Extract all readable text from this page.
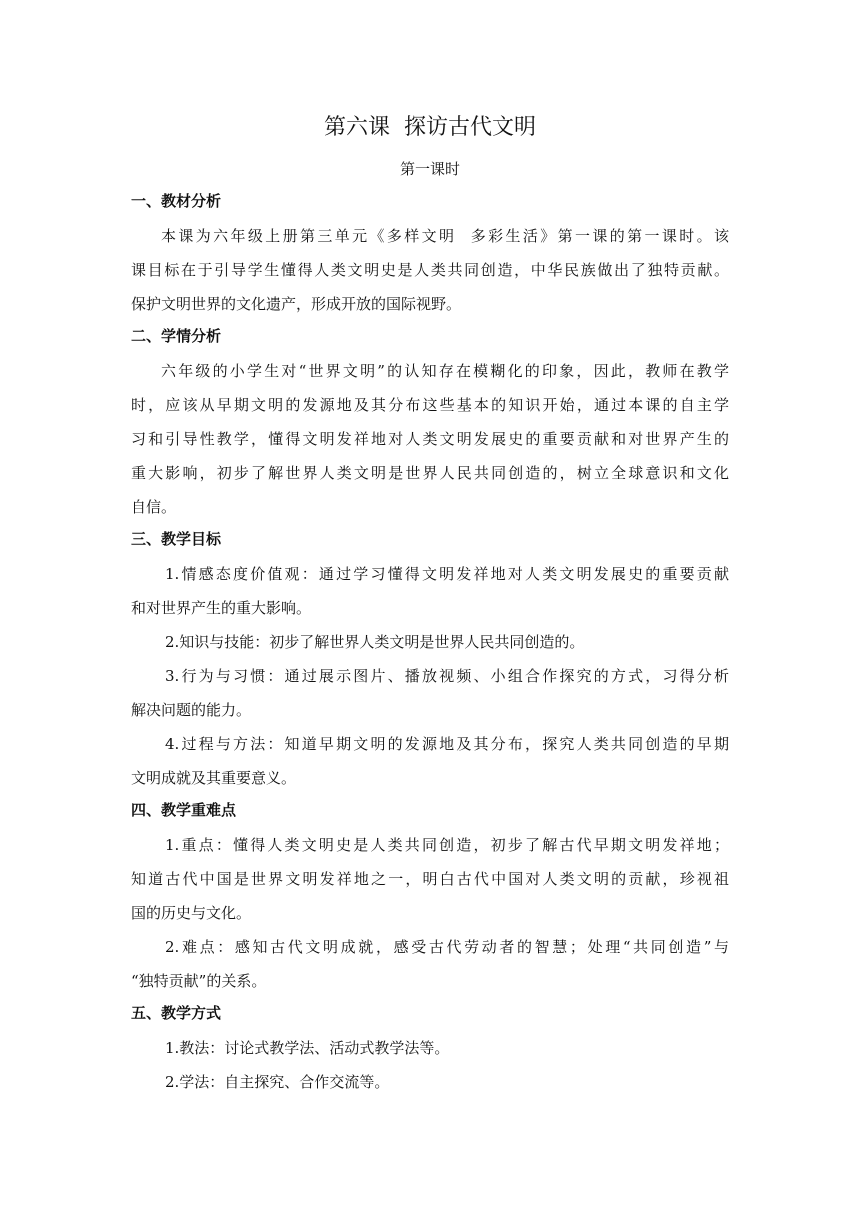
第六课  探访古代文明
第一课时
一、教材分析
本课为六年级上册第三单元《多样文明  多彩生活》第一课的第一课时。该
课目标在于引导学生懂得人类文明史是人类共同创造，中华民族做出了独特贡献。
保护文明世界的文化遗产，形成开放的国际视野。
二、学情分析
六年级的小学生对“世界文明”的认知存在模糊化的印象，因此，教师在教学
时，应该从早期文明的发源地及其分布这些基本的知识开始，通过本课的自主学
习和引导性教学，懂得文明发祥地对人类文明发展史的重要贡献和对世界产生的
重大影响，初步了解世界人类文明是世界人民共同创造的，树立全球意识和文化
自信。
三、教学目标
1.情感态度价值观：通过学习懂得文明发祥地对人类文明发展史的重要贡献
和对世界产生的重大影响。
2.知识与技能：初步了解世界人类文明是世界人民共同创造的。
3.行为与习惯：通过展示图片、播放视频、小组合作探究的方式，习得分析
解决问题的能力。
4.过程与方法：知道早期文明的发源地及其分布，探究人类共同创造的早期
文明成就及其重要意义。
四、教学重难点
1.重点：懂得人类文明史是人类共同创造，初步了解古代早期文明发祥地；
知道古代中国是世界文明发祥地之一，明白古代中国对人类文明的贡献，珍视祖
国的历史与文化。
2.难点：感知古代文明成就，感受古代劳动者的智慧；处理“共同创造”与
“独特贡献”的关系。
五、教学方式
1.教法：讨论式教学法、活动式教学法等。
2.学法：自主探究、合作交流等。
